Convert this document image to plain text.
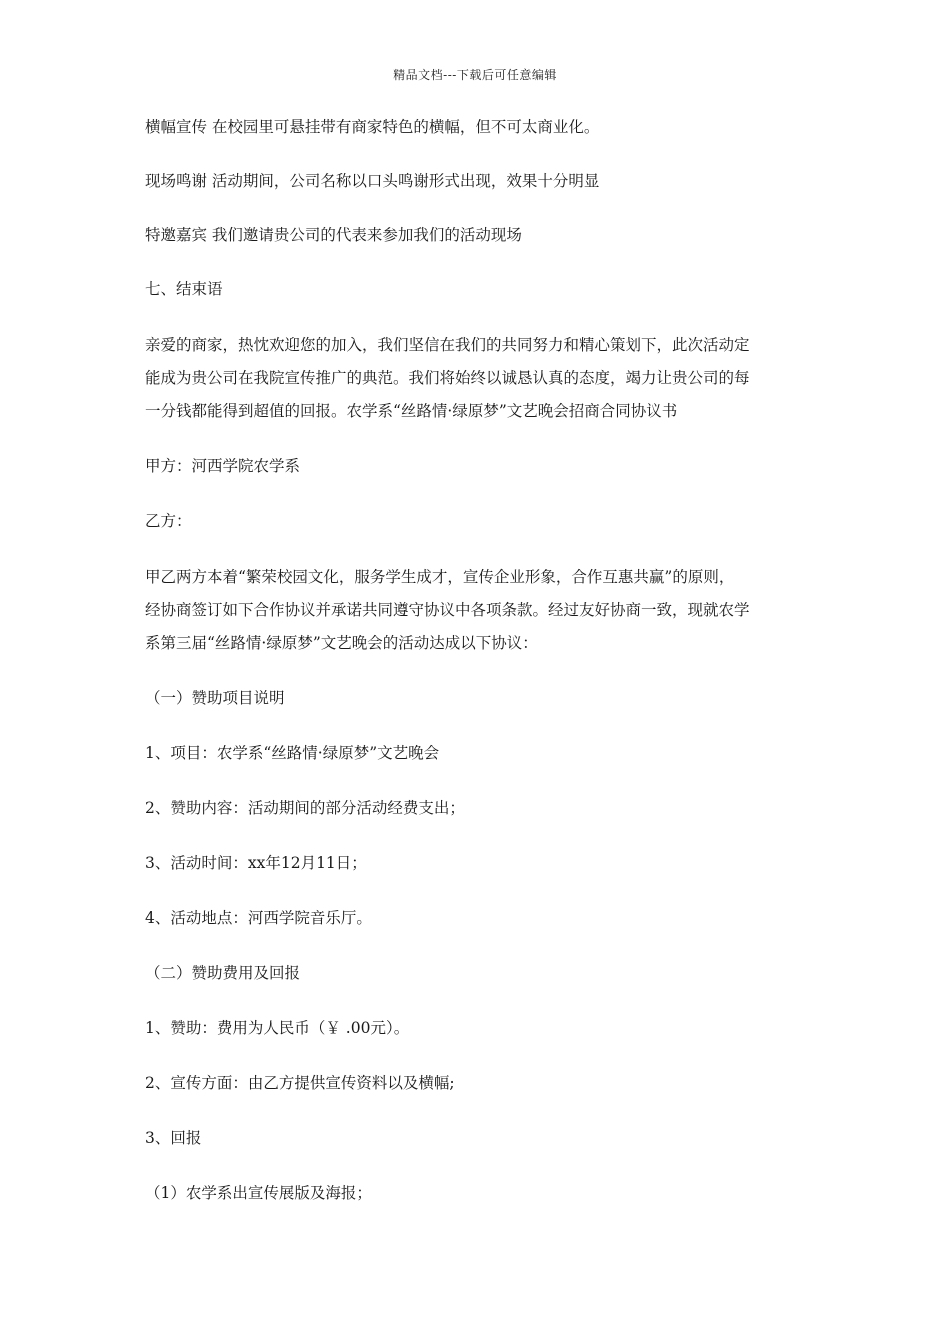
精品文档---下载后可任意编辑

横幅宣传 在校园里可悬挂带有商家特色的横幅，但不可太商业化。

现场鸣谢 活动期间，公司名称以口头鸣谢形式出现，效果十分明显

特邀嘉宾 我们邀请贵公司的代表来参加我们的活动现场

七、结束语

亲爱的商家，热忱欢迎您的加入，我们坚信在我们的共同努力和精心策划下，此次活动定

能成为贵公司在我院宣传推广的典范。我们将始终以诚恳认真的态度，竭力让贵公司的每

一分钱都能得到超值的回报。农学系“丝路情·绿原梦”文艺晚会招商合同协议书

甲方：河西学院农学系

乙方：

甲乙两方本着“繁荣校园文化，服务学生成才，宣传企业形象，合作互惠共赢”的原则，

经协商签订如下合作协议并承诺共同遵守协议中各项条款。经过友好协商一致，现就农学

系第三届“丝路情·绿原梦”文艺晚会的活动达成以下协议：

（一）赞助项目说明

1、项目：农学系“丝路情·绿原梦”文艺晚会

2、赞助内容：活动期间的部分活动经费支出；

3、活动时间：xx年12月11日；

4、活动地点：河西学院音乐厅。

（二）赞助费用及回报

1、赞助：费用为人民币（￥ .00元）。

2、宣传方面：由乙方提供宣传资料以及横幅;

3、回报

（1）农学系出宣传展版及海报；
